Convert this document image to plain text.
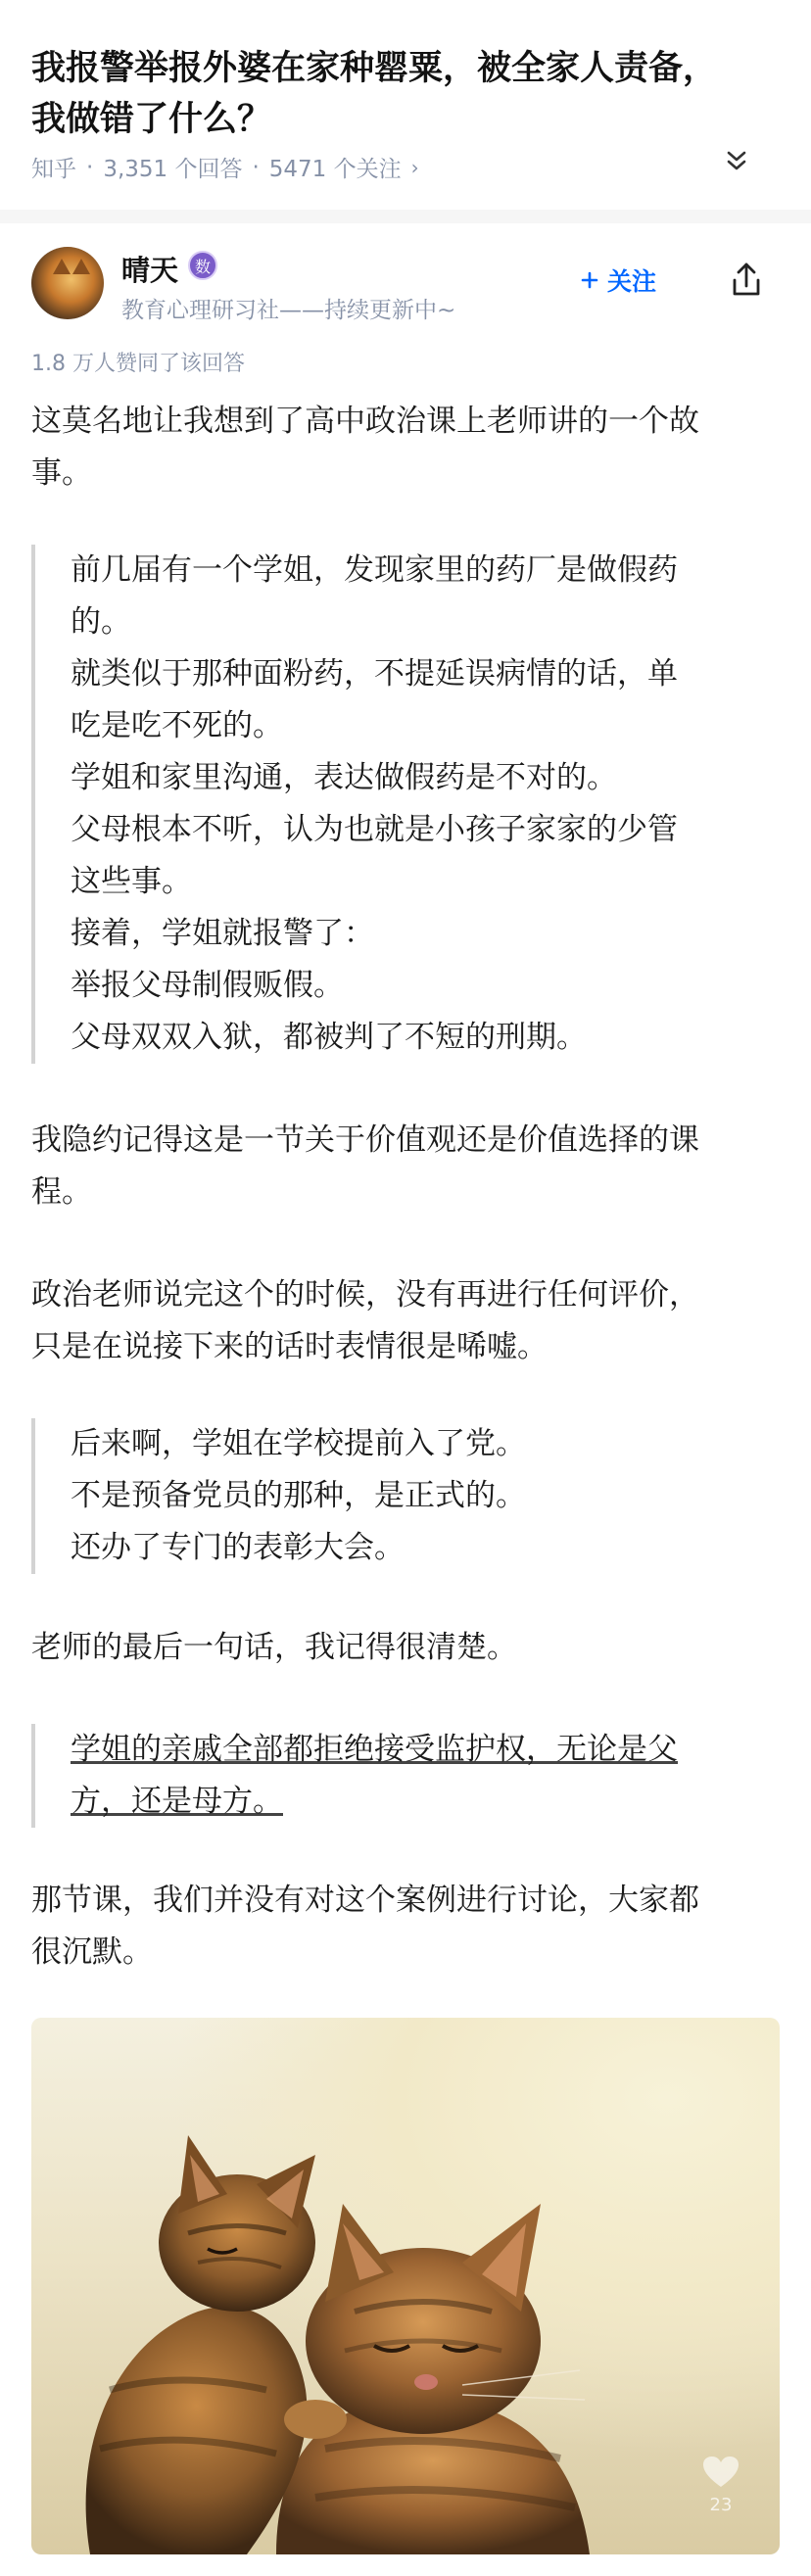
我报警举报外婆在家种罂粟，被全家人责备，我做错了什么？
知乎 · 3,351 个回答 · 5471 个关注 ›
晴天	数
教育心理研习社——持续更新中~
关注
1.8 万人赞同了该回答
这莫名地让我想到了高中政治课上老师讲的一个故
事。
前几届有一个学姐，发现家里的药厂是做假药
的。
就类似于那种面粉药，不提延误病情的话，单
吃是吃不死的。
学姐和家里沟通，表达做假药是不对的。
父母根本不听，认为也就是小孩子家家的少管
这些事。
接着，学姐就报警了：
举报父母制假贩假。
父母双双入狱，都被判了不短的刑期。
我隐约记得这是一节关于价值观还是价值选择的课
程。
政治老师说完这个的时候，没有再进行任何评价，
只是在说接下来的话时表情很是唏嘘。
后来啊，学姐在学校提前入了党。
不是预备党员的那种，是正式的。
还办了专门的表彰大会。
老师的最后一句话，我记得很清楚。
学姐的亲戚全部都拒绝接受监护权，无论是父
方，还是母方。
那节课，我们并没有对这个案例进行讨论，大家都
很沉默。
23
